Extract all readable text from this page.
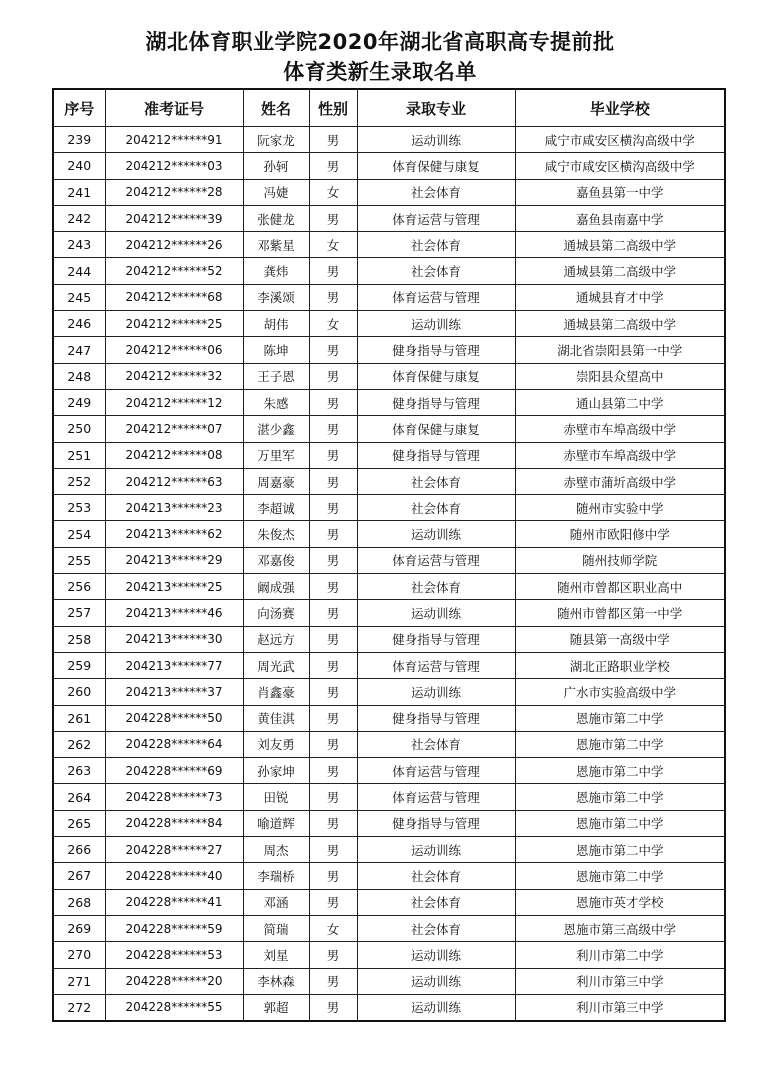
湖北体育职业学院2020年湖北省高职高专提前批
体育类新生录取名单
序号	准考证号	姓名	性别	录取专业	毕业学校
239	204212******91	阮家龙	男	运动训练	咸宁市咸安区横沟高级中学
240	204212******03	孙轲	男	体育保健与康复	咸宁市咸安区横沟高级中学
241	204212******28	冯婕	女	社会体育	嘉鱼县第一中学
242	204212******39	张健龙	男	体育运营与管理	嘉鱼县南嘉中学
243	204212******26	邓紫星	女	社会体育	通城县第二高级中学
244	204212******52	龚炜	男	社会体育	通城县第二高级中学
245	204212******68	李溪颂	男	体育运营与管理	通城县育才中学
246	204212******25	胡伟	女	运动训练	通城县第二高级中学
247	204212******06	陈坤	男	健身指导与管理	湖北省崇阳县第一中学
248	204212******32	王子恩	男	体育保健与康复	崇阳县众望高中
249	204212******12	朱感	男	健身指导与管理	通山县第二中学
250	204212******07	湛少鑫	男	体育保健与康复	赤壁市车埠高级中学
251	204212******08	万里军	男	健身指导与管理	赤壁市车埠高级中学
252	204212******63	周嘉豪	男	社会体育	赤壁市蒲圻高级中学
253	204213******23	李超诚	男	社会体育	随州市实验中学
254	204213******62	朱俊杰	男	运动训练	随州市欧阳修中学
255	204213******29	邓嘉俊	男	体育运营与管理	随州技师学院
256	204213******25	阚成强	男	社会体育	随州市曾都区职业高中
257	204213******46	向汤赛	男	运动训练	随州市曾都区第一中学
258	204213******30	赵远方	男	健身指导与管理	随县第一高级中学
259	204213******77	周光武	男	体育运营与管理	湖北正路职业学校
260	204213******37	肖鑫豪	男	运动训练	广水市实验高级中学
261	204228******50	黄佳淇	男	健身指导与管理	恩施市第二中学
262	204228******64	刘友勇	男	社会体育	恩施市第二中学
263	204228******69	孙家坤	男	体育运营与管理	恩施市第二中学
264	204228******73	田锐	男	体育运营与管理	恩施市第二中学
265	204228******84	喻道辉	男	健身指导与管理	恩施市第二中学
266	204228******27	周杰	男	运动训练	恩施市第二中学
267	204228******40	李瑞桥	男	社会体育	恩施市第二中学
268	204228******41	邓涵	男	社会体育	恩施市英才学校
269	204228******59	简瑞	女	社会体育	恩施市第三高级中学
270	204228******53	刘星	男	运动训练	利川市第二中学
271	204228******20	李林森	男	运动训练	利川市第三中学
272	204228******55	郭超	男	运动训练	利川市第三中学
